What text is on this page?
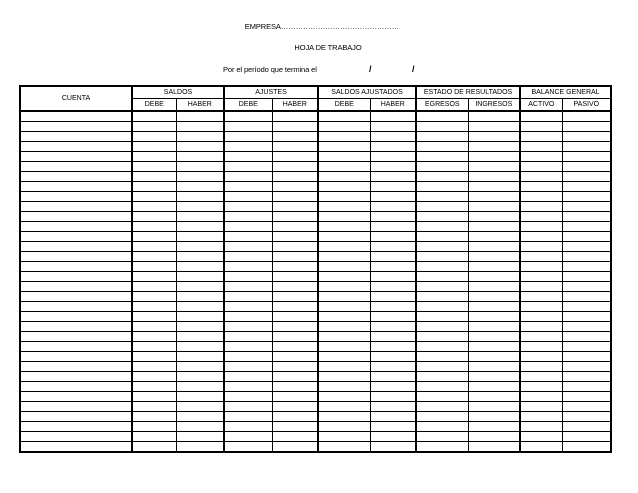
EMPRESA…………………………………………
HOJA DE TRABAJO
Por el período que termina el	/	/
CUENTA	SALDOS		AJUSTES		SALDOS AJUSTADOS		ESTADO DE RESULTADOS		BALANCE GENERAL	
	DEBE	HABER	DEBE	HABER	DEBE	HABER	EGRESOS	INGRESOS	ACTIVO	PASIVO
